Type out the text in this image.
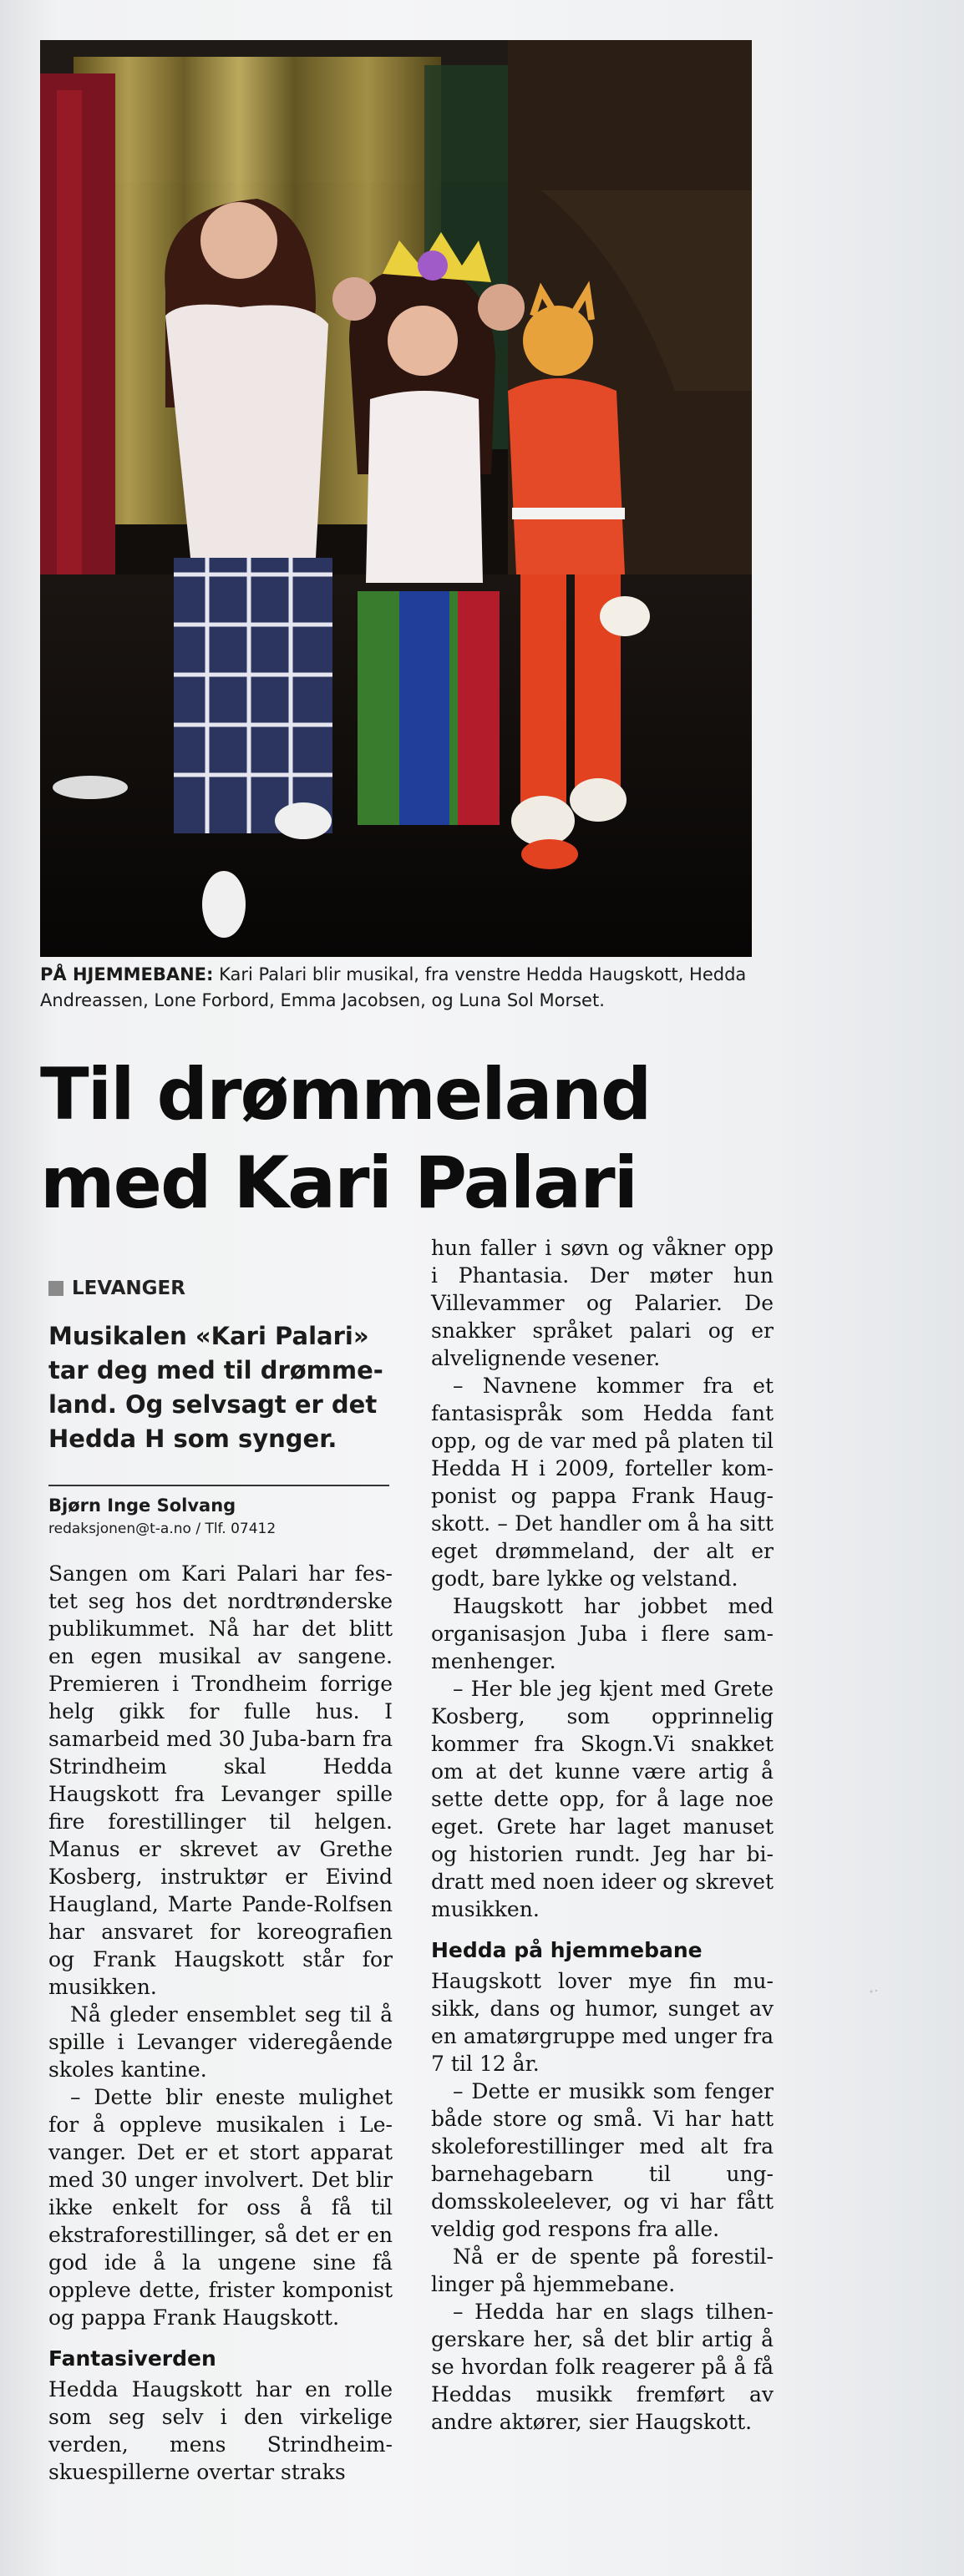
PÅ HJEMMEBANE: Kari Palari blir musikal, fra venstre Hedda Haugskott, Hedda Andreassen, Lone Forbord, Emma Jacobsen, og Luna Sol Morset.
Til drømmeland
med Kari Palari
LEVANGER
Musikalen «Kari Palari» tar deg med til drømme-land. Og selvsagt er det Hedda H som synger.
Bjørn Inge Solvang
redaksjonen@t-a.no / Tlf. 07412

Sangen om Kari Palari har festet seg hos det nordtrønderske publikummet. Nå har det blitt en egen musikal av sangene. Premieren i Trondheim forrige helg gikk for fulle hus. I samarbeid med 30 Juba-barn fra Strindheim skal Hedda Haugskott fra Levanger spille fire forestillinger til helgen. Manus er skrevet av Grethe Kosberg, instruktør er Eivind Haugland, Marte Pande-Rolfsen har ansvaret for koreografien og Frank Haugskott står for musikken.

Nå gleder ensemblet seg til å spille i Levanger videregående skoles kantine.

– Dette blir eneste mulighet for å oppleve musikalen i Levanger. Det er et stort apparat med 30 unger involvert. Det blir ikke enkelt for oss å få til ekstraforestillinger, så det er en god ide å la ungene sine få oppleve dette, frister komponist og pappa Frank Haugskott.

Fantasiverden

Hedda Haugskott har en rolle som seg selv i den virkelige verden, mens Strindheimskuespillerne overtar straks

hun faller i søvn og våkner opp i Phantasia. Der møter hun Villevammer og Palarier. De snakker språket palari og er alvelignende vesener.

– Navnene kommer fra et fantasispråk som Hedda fant opp, og de var med på platen til Hedda H i 2009, forteller komponist og pappa Frank Haugskott. – Det handler om å ha sitt eget drømmeland, der alt er godt, bare lykke og velstand.

Haugskott har jobbet med organisasjon Juba i flere sammenhenger.

– Her ble jeg kjent med Grete Kosberg, som opprinnelig kommer fra Skogn.Vi snakket om at det kunne være artig å sette dette opp, for å lage noe eget. Grete har laget manuset og historien rundt. Jeg har bidratt med noen ideer og skrevet musikken.

Hedda på hjemmebane

Haugskott lover mye fin musikk, dans og humor, sunget av en amatørgruppe med unger fra 7 til 12 år.

– Dette er musikk som fenger både store og små. Vi har hatt skoleforestillinger med alt fra barnehagebarn til ungdomsskoleelever, og vi har fått veldig god respons fra alle.

Nå er de spente på forestillinger på hjemmebane.

– Hedda har en slags tilhengerskare her, så det blir artig å se hvordan folk reagerer på å få Heddas musikk fremført av andre aktører, sier Haugskott.
